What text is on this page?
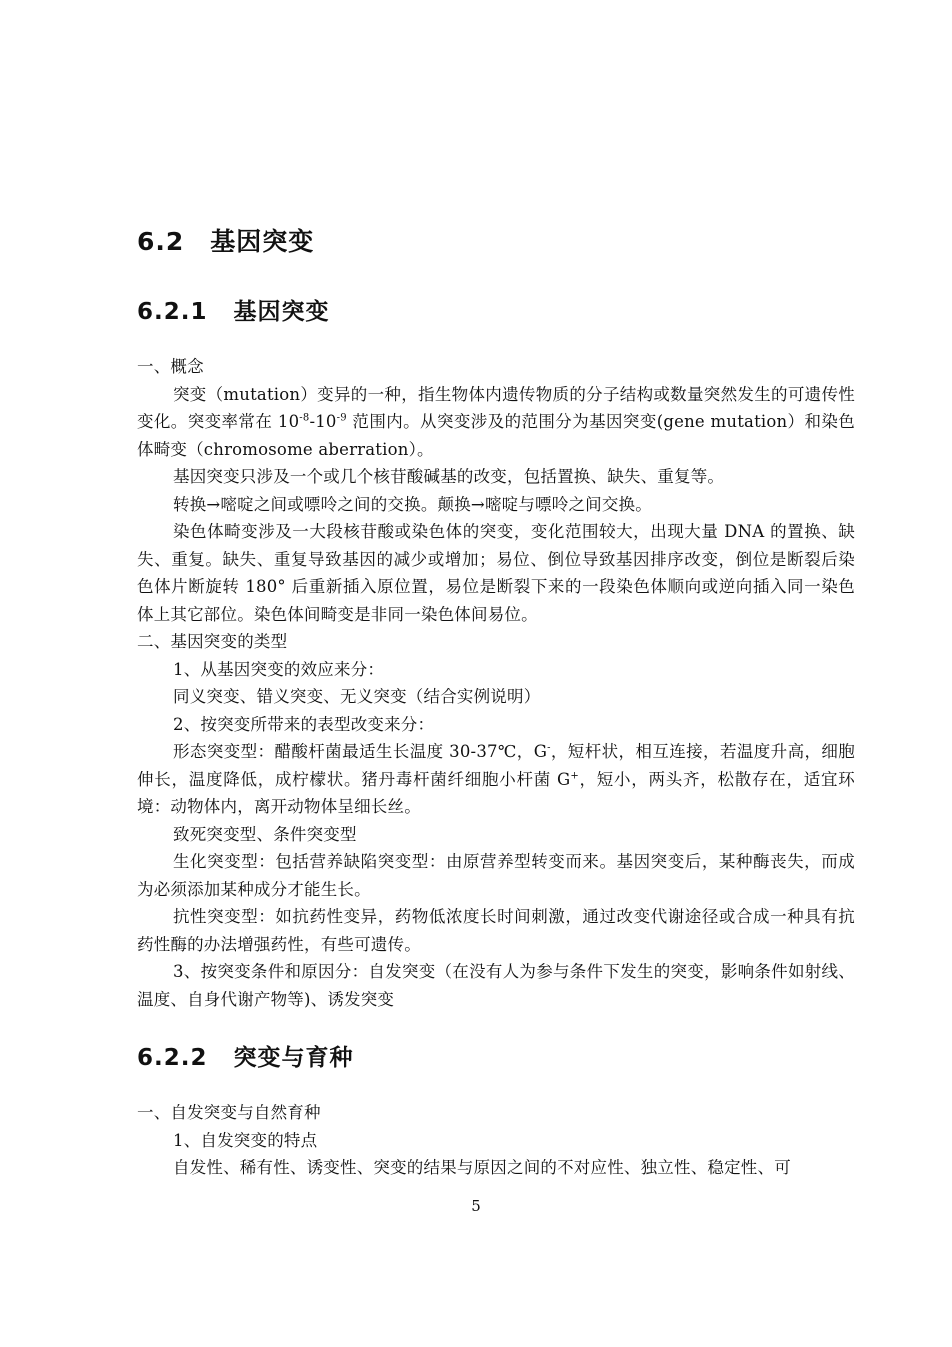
6.2 基因突变
6.2.1 基因突变

一、概念

突变（mutation）变异的一种，指生物体内遗传物质的分子结构或数量突然发生的可遗传性变化。突变率常在 $10^{-8}-10^{-9}$ 范围内。从突变涉及的范围分为基因突变(gene mutation）和染色体畸变（chromosome aberration）。

基因突变只涉及一个或几个核苷酸碱基的改变，包括置换、缺失、重复等。

转换→嘧啶之间或嘌呤之间的交换。颠换→嘧啶与嘌呤之间交换。

染色体畸变涉及一大段核苷酸或染色体的突变，变化范围较大，出现大量 DNA 的置换、缺失、重复。缺失、重复导致基因的减少或增加；易位、倒位导致基因排序改变，倒位是断裂后染色体片断旋转 180° 后重新插入原位置，易位是断裂下来的一段染色体顺向或逆向插入同一染色体上其它部位。染色体间畸变是非同一染色体间易位。

二、基因突变的类型

1、从基因突变的效应来分：

同义突变、错义突变、无义突变（结合实例说明）

2、按突变所带来的表型改变来分：

形态突变型：醋酸杆菌最适生长温度 30-37℃，G-，短杆状，相互连接，若温度升高，细胞伸长，温度降低，成柠檬状。猪丹毒杆菌纤细胞小杆菌 G+，短小，两头齐，松散存在，适宜环境：动物体内，离开动物体呈细长丝。

致死突变型、条件突变型

生化突变型：包括营养缺陷突变型：由原营养型转变而来。基因突变后，某种酶丧失，而成为必须添加某种成分才能生长。

抗性突变型：如抗药性变异，药物低浓度长时间刺激，通过改变代谢途径或合成一种具有抗药性酶的办法增强药性，有些可遗传。

3、按突变条件和原因分：自发突变（在没有人为参与条件下发生的突变，影响条件如射线、温度、自身代谢产物等)、诱发突变

6.2.2 突变与育种

一、自发突变与自然育种

1、自发突变的特点

自发性、稀有性、诱变性、突变的结果与原因之间的不对应性、独立性、稳定性、可

5
